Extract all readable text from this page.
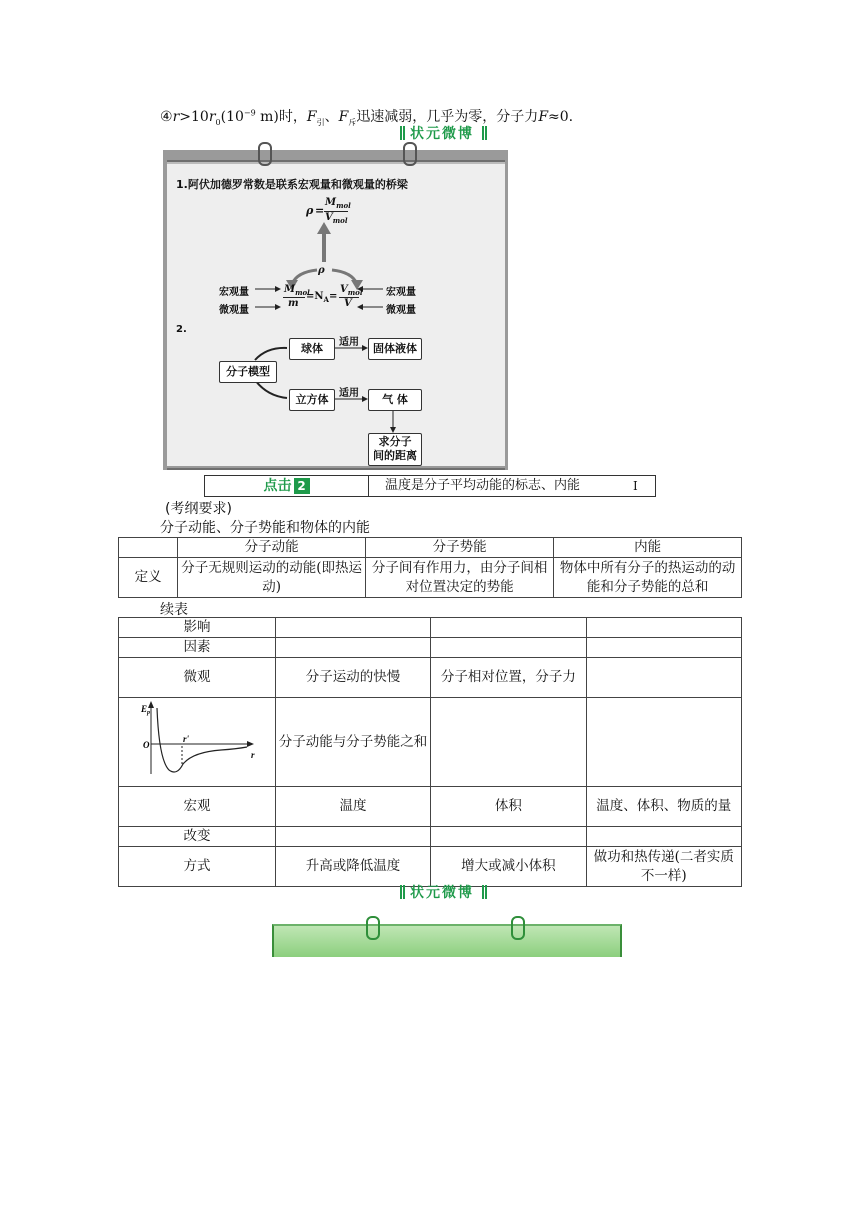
$④r>10r_0(10^{-9}$ m)时，$F_引$、$F_斥$迅速减弱，几乎为零，分子力F≈0.
状元微博
1.阿伏加德罗常数是联系宏观量和微观量的桥梁
ρ =
$M_{mol}$
$V_{mol}$
ρ
宏观量
微观量
宏观量
微观量
$M_{mol}$
m
$=N_A=$
$V_{mol}$
V
2.
分子模型
球体	适用	固体液体
立方体	适用	气 体
求分子
间的距离
点击 2	温度是分子平均动能的标志、内能	Ⅰ
(考纲要求)
分子动能、分子势能和物体的内能
	分子动能	分子势能	内能
定义	分子无规则运动的动能(即热运动)	分子间有作用力，由分子间相对位置决定的势能	物体中所有分子的热运动的动能和分子势能的总和
续表
影响			
因素			
微观	分子运动的快慢	分子相对位置，分子力	

$E_p$
O
r
r'	分子动能与分子势能之和		
宏观	温度	体积	温度、体积、物质的量
改变			
方式	升高或降低温度	增大或减小体积	做功和热传递(二者实质不一样)
状元微博
